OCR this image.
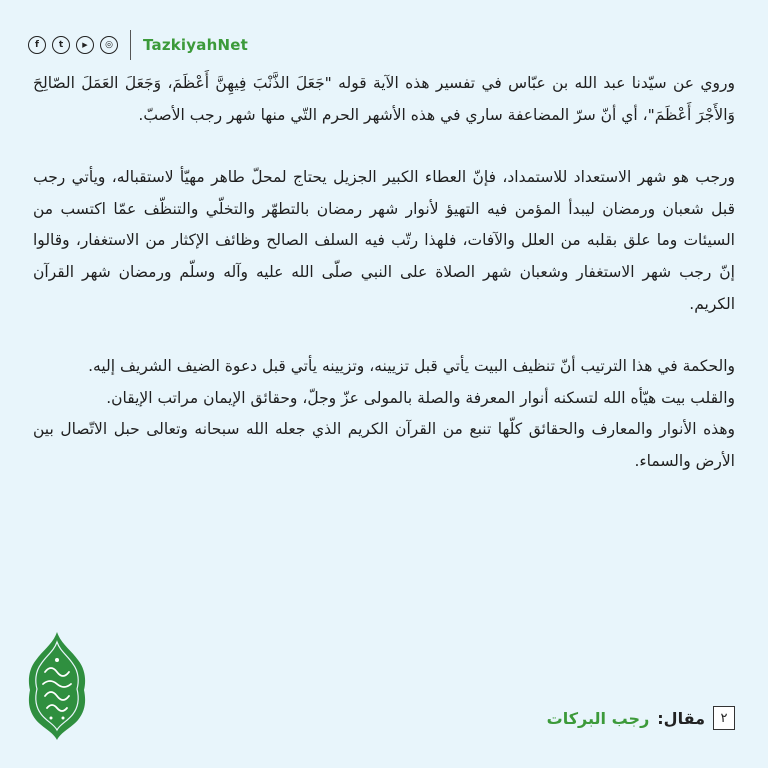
f	t	▶	◎	TazkiyahNet

وروي عن سيّدنا عبد الله بن عبّاس في تفسير هذه الآية قوله "جَعَلَ الذَّنْبَ فِيهِنَّ أَعْظَمَ، وَجَعَلَ العَمَلَ الصّالِحَ وَالأَجْرَ أَعْظَمَ"، أي أنّ سرّ المضاعفة ساري في هذه الأشهر الحرم التّي منها شهر رجب الأصبّ.

ورجب هو شهر الاستعداد للاستمداد، فإنّ العطاء الكبير الجزيل يحتاج لمحلّ طاهر مهيّأ لاستقباله، ويأتي رجب قبل شعبان ورمضان ليبدأ المؤمن فيه التهيؤ لأنوار شهر رمضان بالتطهّر والتخلّي والتنظّف عمّا اكتسب من السيئات وما علق بقلبه من العلل والآفات، فلهذا رتّب فيه السلف الصالح وظائف الإكثار من الاستغفار، وقالوا إنّ رجب شهر الاستغفار وشعبان شهر الصلاة على النبي صلّى الله عليه وآله وسلّم ورمضان شهر القرآن الكريم.

والحكمة في هذا الترتيب أنّ تنظيف البيت يأتي قبل تزيينه، وتزيينه يأتي قبل دعوة الضيف الشريف إليه.

والقلب بيت هيّأه الله لتسكنه أنوار المعرفة والصلة بالمولى عزّ وجلّ، وحقائق الإيمان مراتب الإيقان.

وهذه الأنوار والمعارف والحقائق كلّها تنبع من القرآن الكريم الذي جعله الله سبحانه وتعالى حبل الاتّصال بين الأرض والسماء.

٢
مقال:
رجب البركات
